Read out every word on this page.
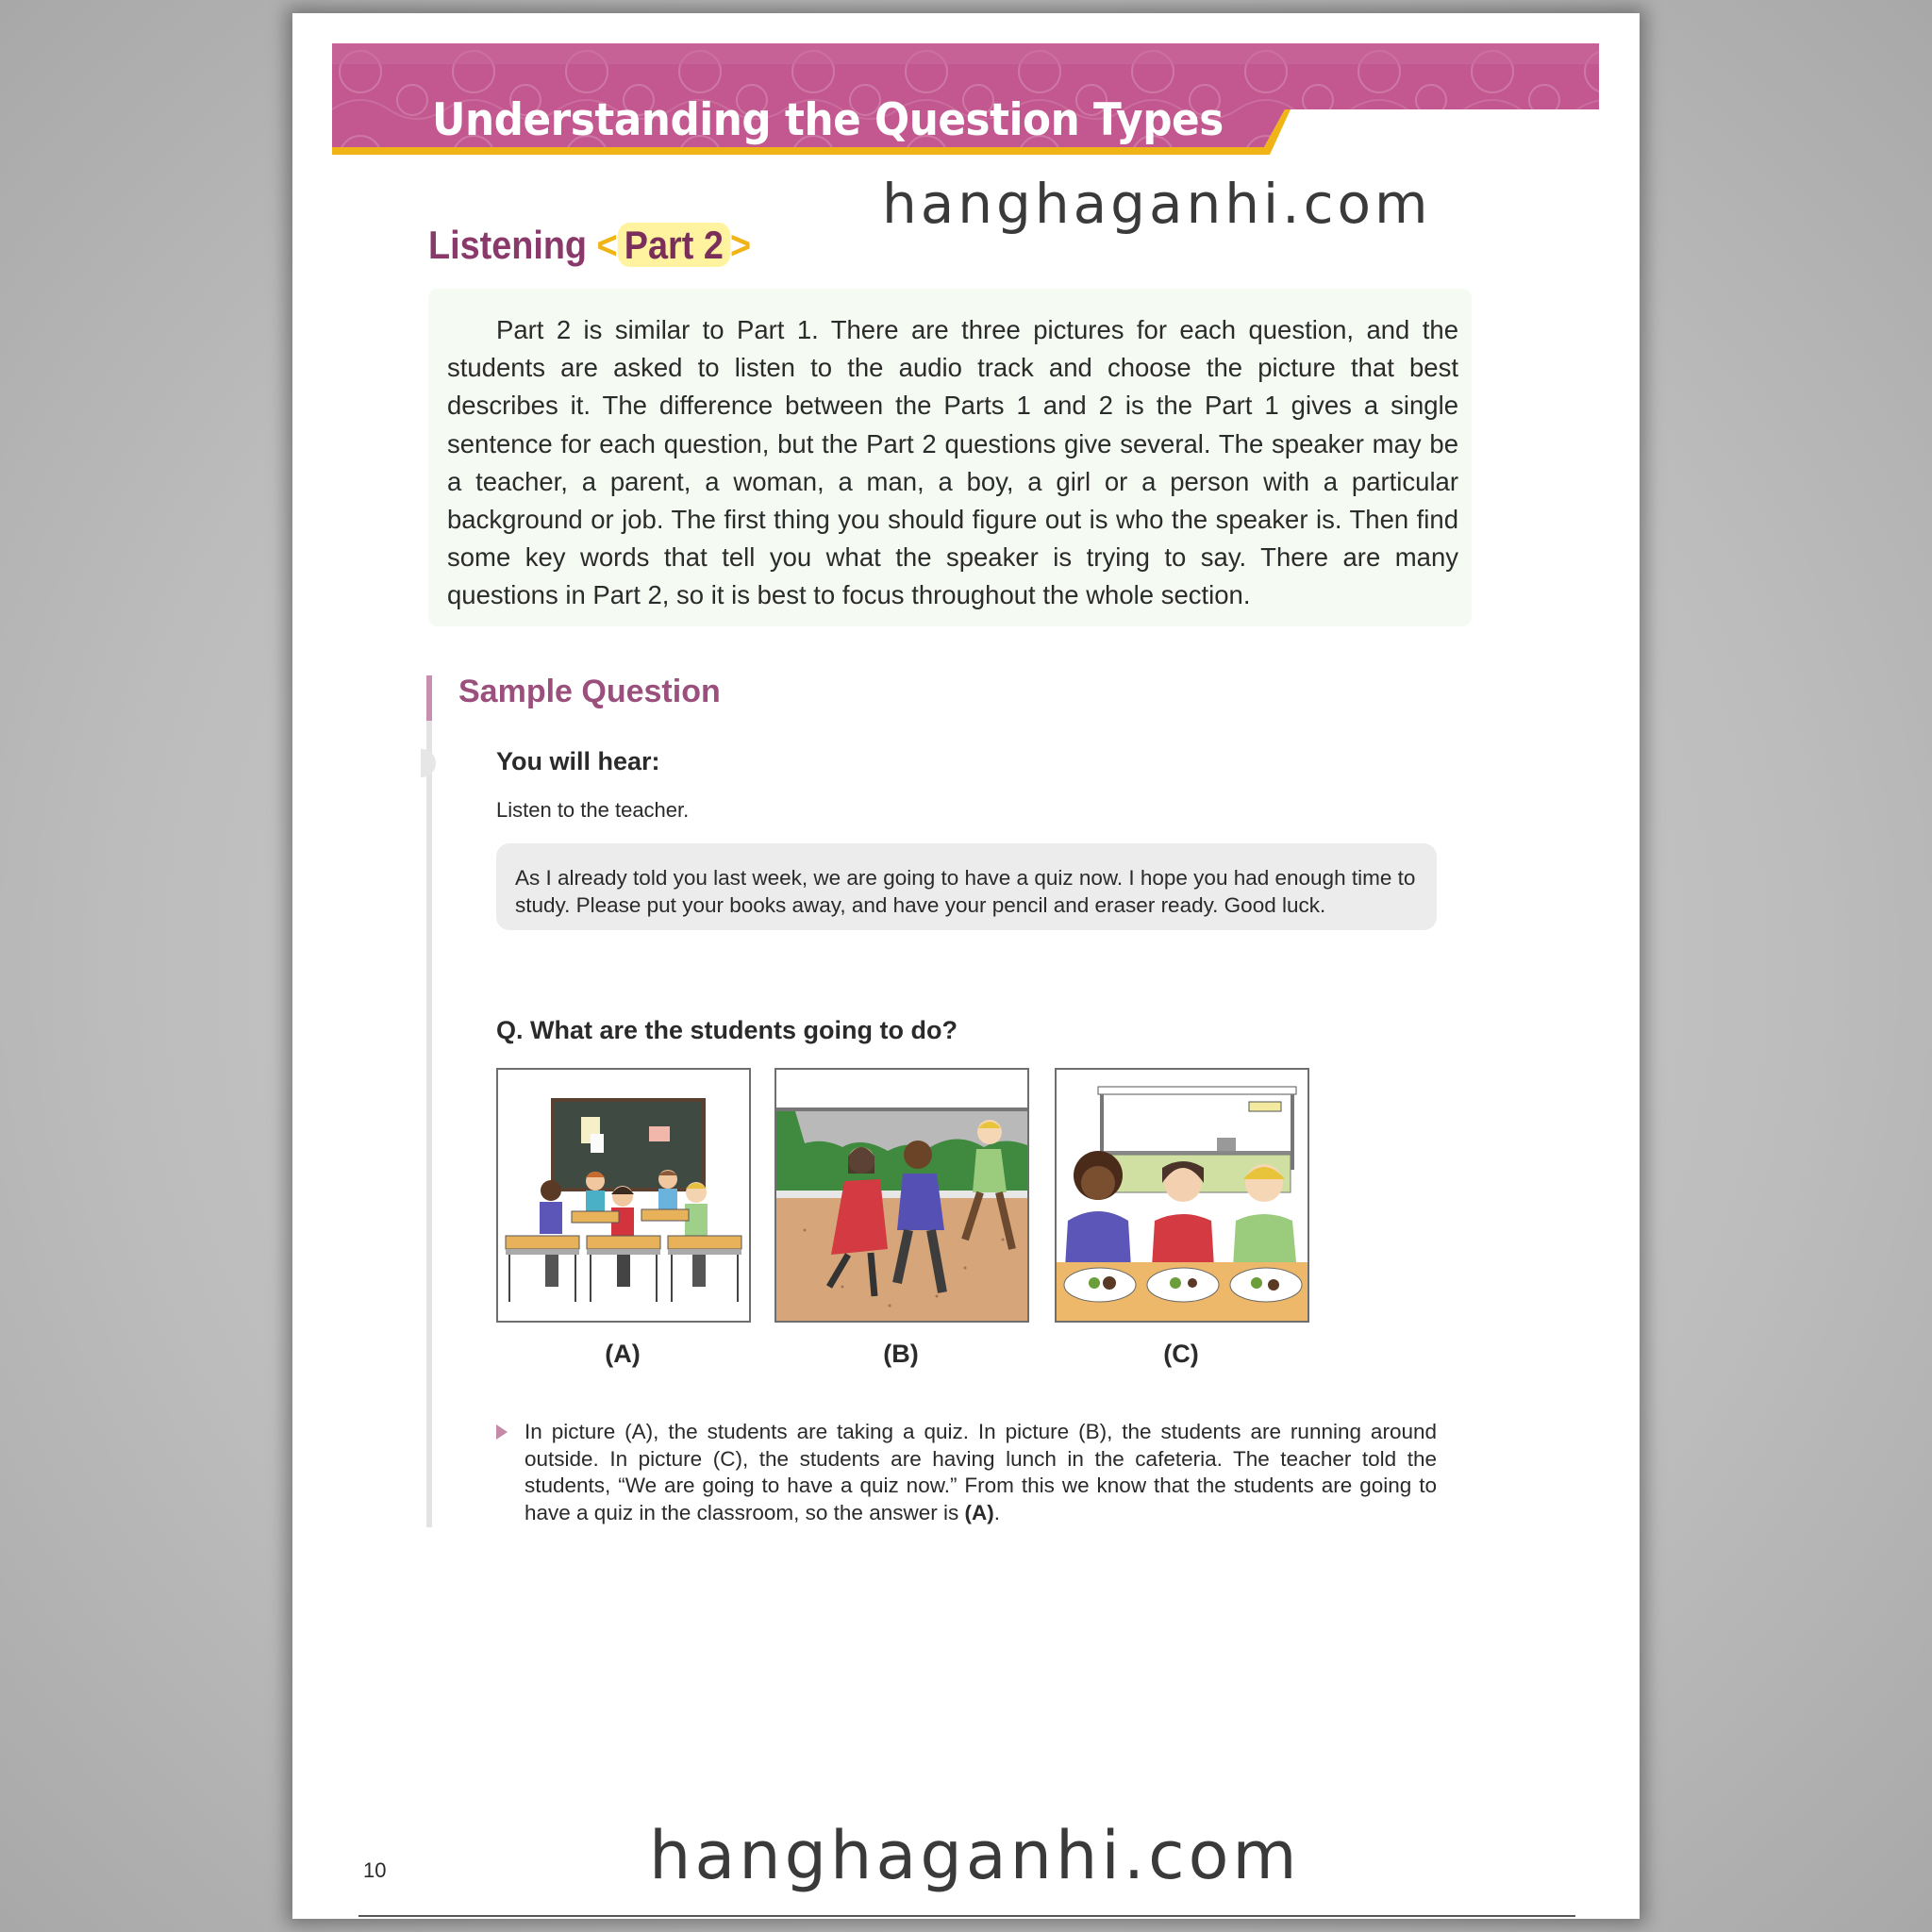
Understanding the Question Types
hanghaganhi.com
Listening < Part 2 >

Part 2 is similar to Part 1. There are three pictures for each question, and the students are asked to listen to the audio track and choose the picture that best describes it. The difference between the Parts 1 and 2 is the Part 1 gives a single sentence for each question, but the Part 2 questions give several. The speaker may be a teacher, a parent, a woman, a man, a boy, a girl or a person with a particular background or job. The first thing you should figure out is who the speaker is. Then find some key words that tell you what the speaker is trying to say. There are many questions in Part 2, so it is best to focus throughout the whole section.

Sample Question
You will hear:
Listen to the teacher.

As I already told you last week, we are going to have a quiz now. I hope you had enough time to study. Please put your books away, and have your pencil and eraser ready. Good luck.

Q. What are the students going to do?
(A)	(B)	(C)

In picture (A), the students are taking a quiz. In picture (B), the students are running around outside. In picture (C), the students are having lunch in the cafeteria. The teacher told the students, “We are going to have a quiz now.” From this we know that the students are going to have a quiz in the classroom, so the answer is (A).

10	hanghaganhi.com
